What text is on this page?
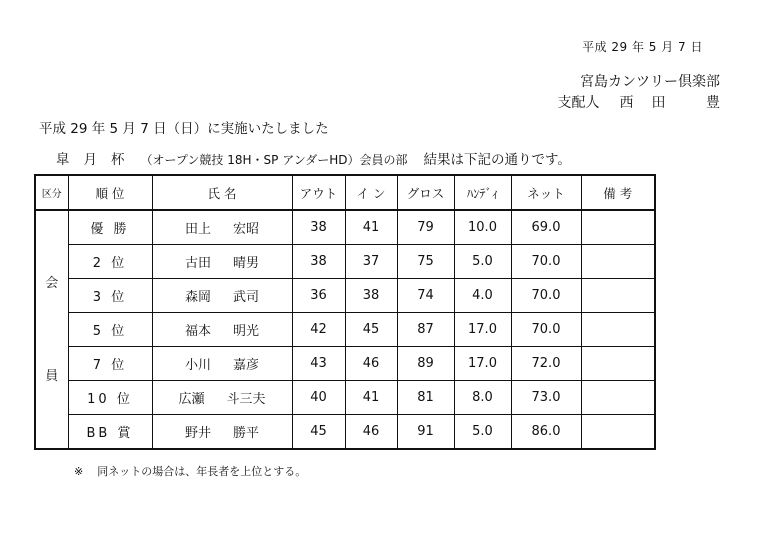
平成 29 年 5 月 7 日
宮島カンツリー倶楽部
支配人 西田 豊
平成 29 年 5 月 7 日（日）に実施いたしました
皐月杯 （オープン競技 18H・SP アンダーHD）会員の部 結果は下記の通りです。
区分	順 位	氏 名	アウト	イ ン	グロス	ﾊﾝﾃﾞｨ	ネット	備 考

会
員	優 勝	田上 宏昭	38	41	79	10.0	69.0	
	2 位	古田 晴男	38	37	75	5.0	70.0	
	3 位	森岡 武司	36	38	74	4.0	70.0	
	5 位	福本 明光	42	45	87	17.0	70.0	
	7 位	小川 嘉彦	43	46	89	17.0	72.0	
	10 位	広瀬 斗三夫	40	41	81	8.0	73.0	
	BB 賞	野井 勝平	45	46	91	5.0	86.0	
※ 同ネットの場合は、年長者を上位とする。
